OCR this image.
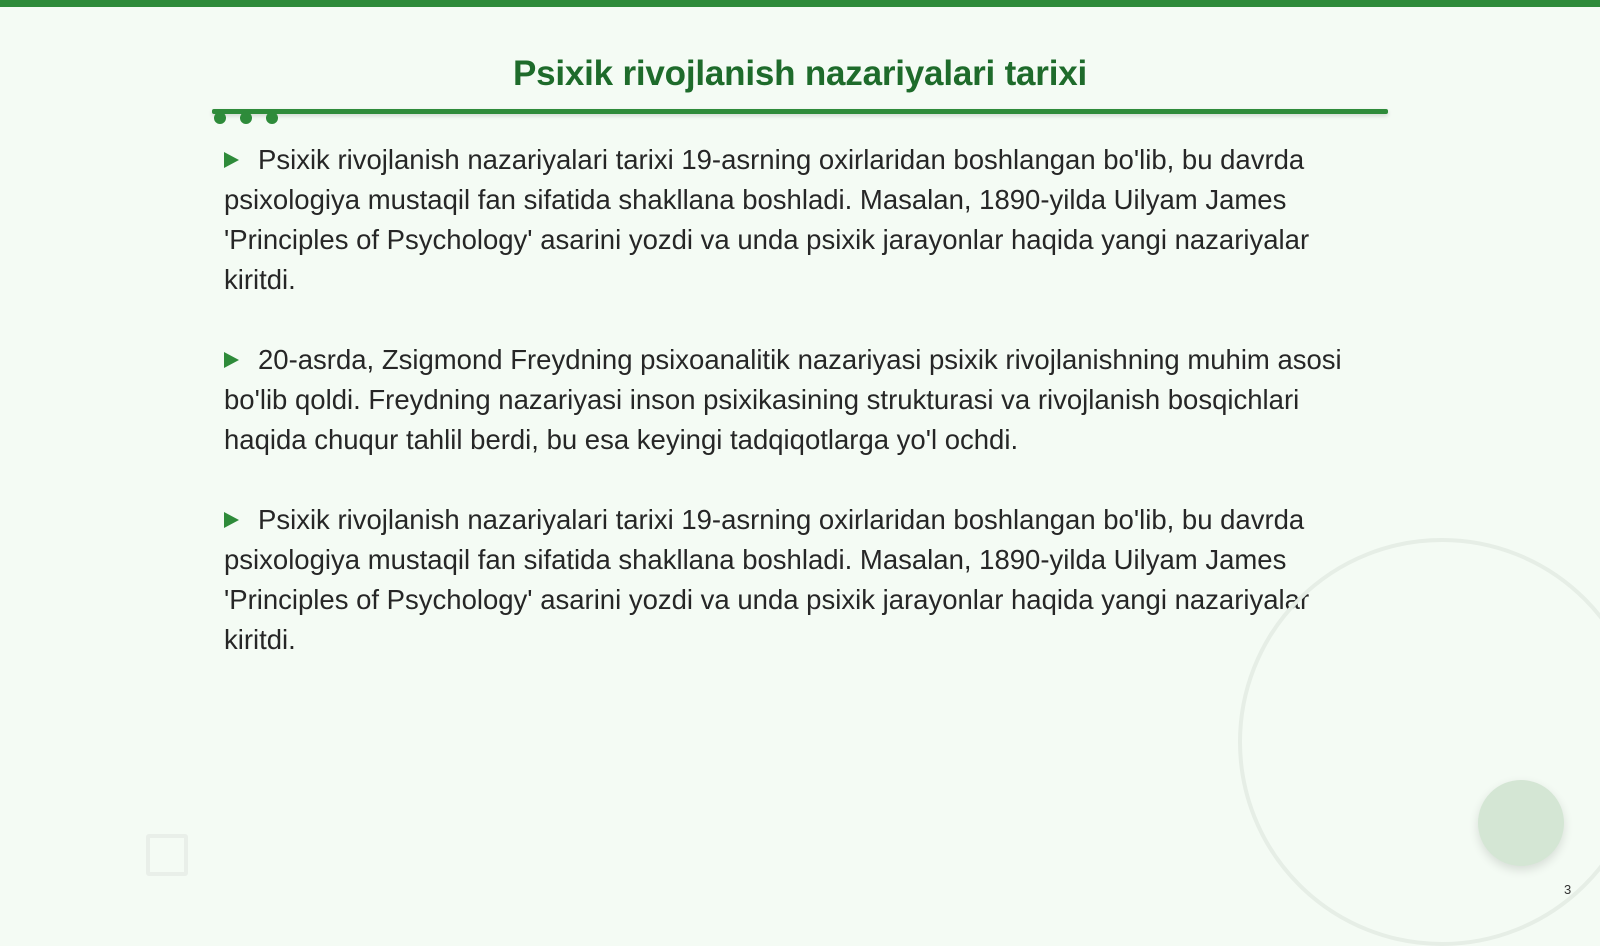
Psixik rivojlanish nazariyalari tarixi

Psixik rivojlanish nazariyalari tarixi 19-asrning oxirlaridan boshlangan bo'lib, bu davrda psixologiya mustaqil fan sifatida shakllana boshladi. Masalan, 1890-yilda Uilyam James 'Principles of Psychology' asarini yozdi va unda psixik jarayonlar haqida yangi nazariyalar kiritdi.

20-asrda, Zsigmond Freydning psixoanalitik nazariyasi psixik rivojlanishning muhim asosi bo'lib qoldi. Freydning nazariyasi inson psixikasining strukturasi va rivojlanish bosqichlari haqida chuqur tahlil berdi, bu esa keyingi tadqiqotlarga yo'l ochdi.

Psixik rivojlanish nazariyalari tarixi 19-asrning oxirlaridan boshlangan bo'lib, bu davrda psixologiya mustaqil fan sifatida shakllana boshladi. Masalan, 1890-yilda Uilyam James 'Principles of Psychology' asarini yozdi va unda psixik jarayonlar haqida yangi nazariyalar kiritdi.

3
